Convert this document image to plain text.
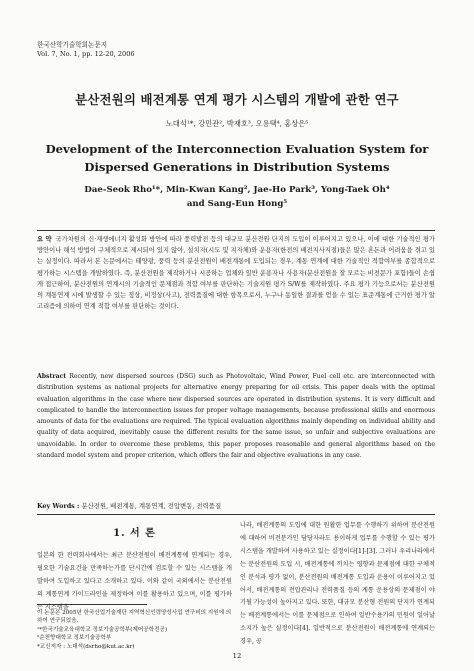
한국산학기술학회논문지
Vol. 7, No. 1, pp. 12-20, 2006
분산전원의 배전계통 연계 평가 시스템의 개발에 관한 연구
노대석¹*, 강민관², 박재호³, 오용택⁴, 홍상은⁵
Development of the Interconnection Evaluation System for
Dispersed Generations in Distribution Systems
Dae-Seok Rho¹*, Min-Kwan Kang², Jae-Ho Park³, Yong-Taek Oh⁴
and Sang-Eun Hong⁵

요 약 국가차원의 신·재생에너지 활성화 방안에 따라 풍력발전 등의 대규모 분산전원 단지의 도입이 이루어지고 있으나, 이에 대한 기술적인 평가방안이나 해석 방법이 구체적으로 제시되어 있지 않아, 설치자(시도 및 지자체)와 운용자(한전의 배전지사지점)들은 많은 혼돈과 어려움을 겪고 있는 실정이다. 따라서 본 논문에서는 태양광, 풍력 등의 분산전원이 배전계통에 도입되는 경우, 계통 연계에 대한 기술적인 적합여부를 종합적으로 평가하는 시스템을 개발하였다. 즉, 분산전원을 제작하거나 시공하는 업체와 일반 운용자나 사용자(분산전원을 잘 모르는 비전문가 포함)들이 손쉽게 접근하여, 분산전원의 연계시의 기술적인 문제점과 적합 여부를 판단하는 기술지원 평가 S/W를 제작하였다. 주요 평가 기능으로서는 분산전원의 계통연계 시에 발생할 수 있는 정상, 비정상(사고), 전력품질에 대한 항목으로서, 누구나 동일한 결과를 얻을 수 있는 표준계통에 근거한 평가 알고리즘에 의하여 연계 적합 여부를 판단하는 것이다.

Abstract Recently, new dispersed sources (DSG) such as Photovoltaic, Wind Power, Fuel cell etc. are interconnected with distribution systems as national projects for alternative energy preparing for oil crisis. This paper deals with the optimal evaluation algorithms in the case where new dispersed sources are operated in distribution systems. It is very difficult and complicated to handle the interconnection issues for proper voltage managements, because professional skills and enormous amounts of data for the evaluations are required. The typical evaluation algorithms mainly depending on individual ability and quality of data acquired, inevitably cause the different results for the same issue, so unfair and subjective evaluations are unavoidable. In order to overcome these problems, this paper proposes reasonable and general algorithms based on the standard model system and proper criterion, which offers the fair and objective evaluations in any case.

Key Words : 분산전원, 배전계통, 계통연계, 전압변동, 전력품질
1. 서 론

일본의 한 전력회사에서는 최근 분산전원이 배전계통에 연계되는 경우, 필요한 기술요건을 만족하는가를 단시간에 검토할 수 있는 시스템을 개발하여 도입하고 있다고 소개하고 있다. 이와 같이 국외에서는 분산전원의 계통연계 가이드라인을 제정하여 이를 활용하고 있으며, 이를 평가하는 시스템을

나라, 배전계통의 도입에 대한 원활한 업무를 수행하기 위하여 분산전원에 대하여 비전문가인 담당자라도 용이하게 업무를 수행할 수 있는 평가 시스템을 개발하여 사용하고 있는 실정이다[1]-[3]. 그러나 우리나라에서는 분산전원의 도입 시, 배전계통에 끼치는 영향과 문제점에 대한 구체적인 분석과 평가 없이, 분산전원의 배전계통 도입과 운용이 이루어지고 있어서, 배전계통의 전압관리나 전력품질 등의 계통 운용상의 문제점이 야기될 가능성이 높아지고 있다. 또한, 대규모 분산형 전원의 단지가 연계되는 배전계통에서는 이를 문제점으로 인하여 일반수용가의 민원이 일어날 소지가 높은 실정이다[4]. 일반적으로 분산전원이 배전계통에 연계되는 경우, 공

이 논문은 2005년 한국산업기술재단 지역혁신인력양성사업 연구비의 지원에 의하여 연구되었음.
¹*한국기술교육대학교 정보기술공학부(제어공학전공)
²순천향대학교 정보기술공학부
*교신저자 : 노대석(dsrho@kut.ac.kr)
12
